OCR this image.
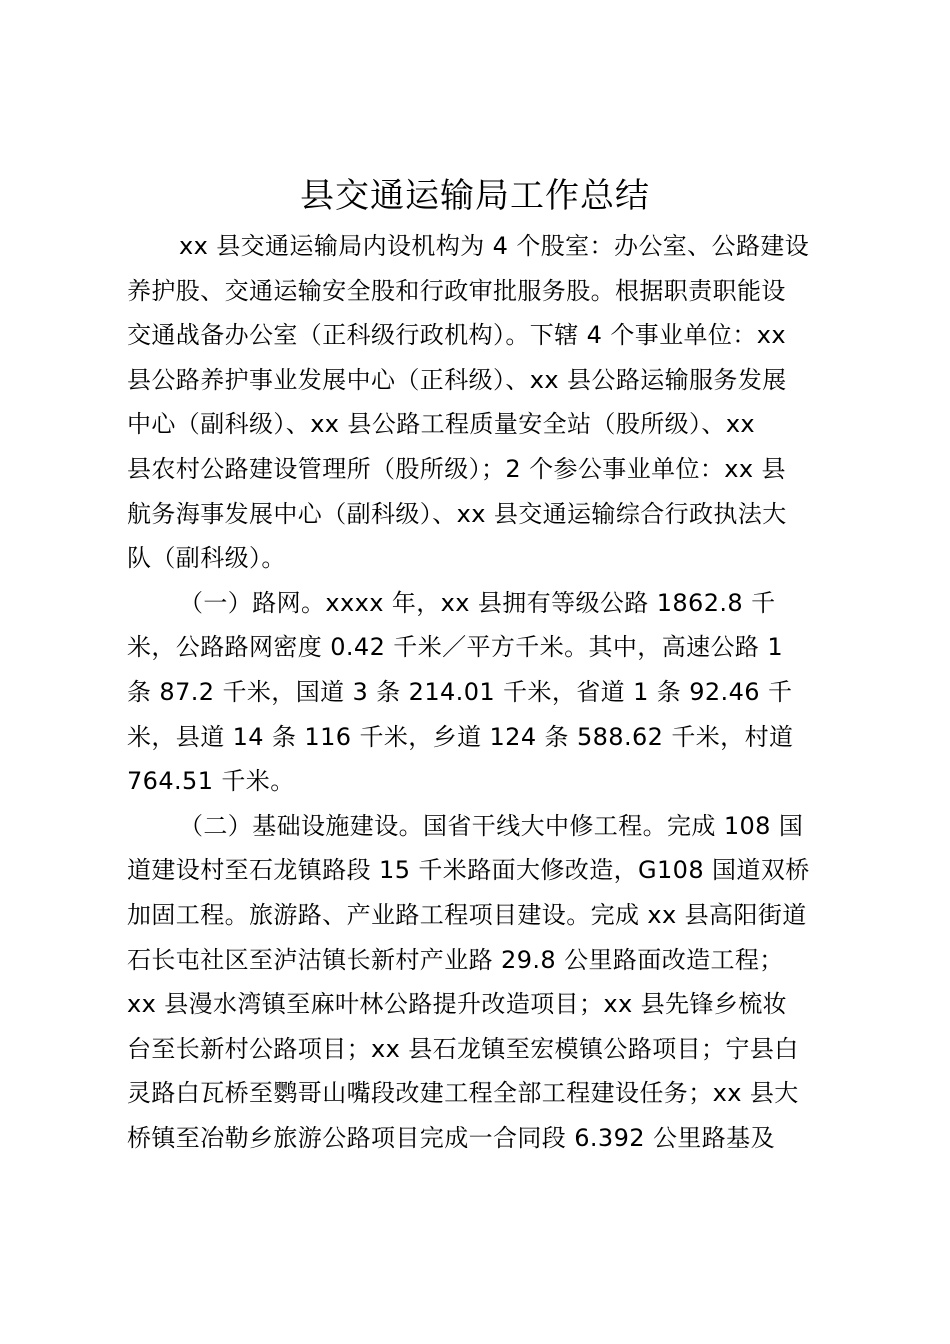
县交通运输局工作总结

xx 县交通运输局内设机构为 4 个股室：办公室、公路建设
养护股、交通运输安全股和行政审批服务股。根据职责职能设
交通战备办公室（正科级行政机构）。下辖 4 个事业单位：xx
县公路养护事业发展中心（正科级）、xx 县公路运输服务发展
中心（副科级）、xx 县公路工程质量安全站（股所级）、xx
县农村公路建设管理所（股所级）；2 个参公事业单位：xx 县
航务海事发展中心（副科级）、xx 县交通运输综合行政执法大
队（副科级）。

（一）路网。xxxx 年，xx 县拥有等级公路 1862.8 千
米，公路路网密度 0.42 千米／平方千米。其中，高速公路 1
条 87.2 千米，国道 3 条 214.01 千米，省道 1 条 92.46 千
米，县道 14 条 116 千米，乡道 124 条 588.62 千米，村道
764.51 千米。

（二）基础设施建设。国省干线大中修工程。完成 108 国
道建设村至石龙镇路段 15 千米路面大修改造，G108 国道双桥
加固工程。旅游路、产业路工程项目建设。完成 xx 县高阳街道
石长屯社区至泸沽镇长新村产业路 29.8 公里路面改造工程；
xx 县漫水湾镇至麻叶林公路提升改造项目；xx 县先锋乡梳妆
台至长新村公路项目；xx 县石龙镇至宏模镇公路项目；宁县白
灵路白瓦桥至鹦哥山嘴段改建工程全部工程建设任务；xx 县大
桥镇至冶勒乡旅游公路项目完成一合同段 6.392 公里路基及
